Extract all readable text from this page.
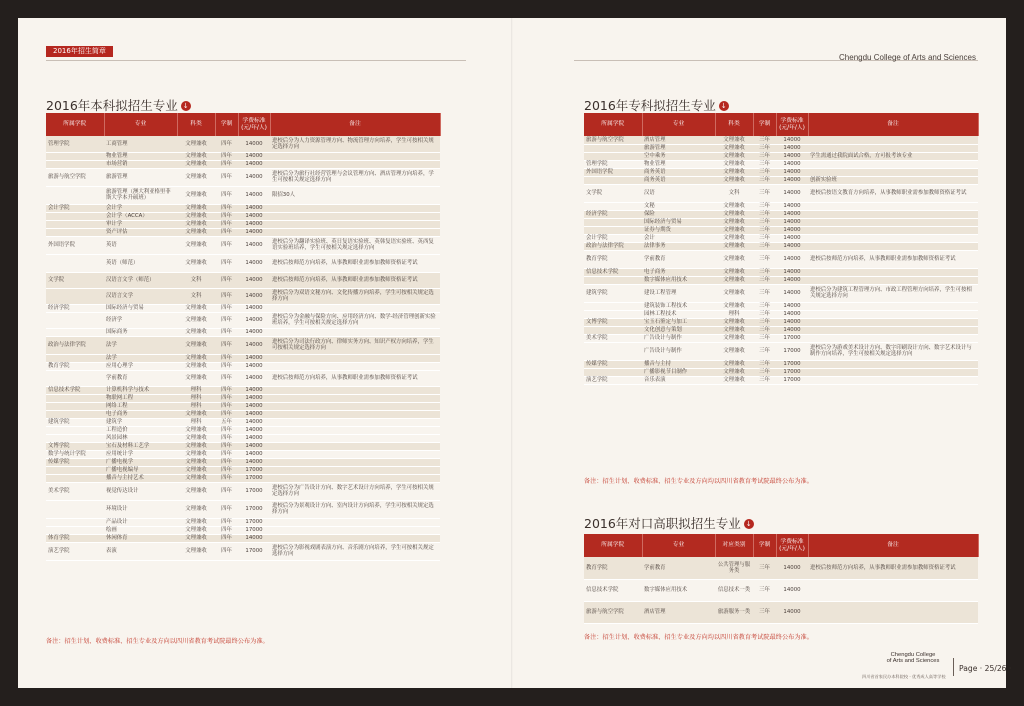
2016年招生简章
Chengdu College of Arts and Sciences
2016年本科拟招生专业 ↓
所属学院	专业	科类	学制	学费标准
(元/年/人)	备注
管理学院	工商管理	文理兼收	四年	14000	进校后分为人力资源管理方向、物流管理方向培养，学生可按相关规定选择方向
	物业管理	文理兼收	四年	14000	
	市场营销	文理兼收	四年	14000	
旅游与航空学院	旅游管理	文理兼收	四年	14000	进校后分为旅行社经营管理与会议管理方向、酒店管理方向培养，学生可按相关规定选择方向
	旅游管理（澳大利亚格里菲斯大学本升硕班）	文理兼收	四年	14000	限招30人
会计学院	会计学	文理兼收	四年	14000	
	会计学（ACCA）	文理兼收	四年	14000	
	审计学	文理兼收	四年	14000	
	资产评估	文理兼收	四年	14000	
外国语学院	英语	文理兼收	四年	14000	进校后分为翻译实验班、英日复语实验班、英韩复语实验班、英西复语实验班培养，学生可按相关规定选择方向
	英语（师范）	文理兼收	四年	14000	进校后按师范方向培养，从事教师职业需参加教师资格证考试
文学院	汉语言文学（师范）	文科	四年	14000	进校后按师范方向培养，从事教师职业需参加教师资格证考试
	汉语言文学	文科	四年	14000	进校后分为双语文秘方向、文化传播方向培养，学生可按相关规定选择方向
经济学院	国际经济与贸易	文理兼收	四年	14000	
	经济学	文理兼收	四年	14000	进校后分为金融与保险方向、应用经济方向、数学-经济管理创新实验班培养，学生可按相关规定选择方向
	国际商务	文理兼收	四年	14000	
政治与法律学院	法学	文理兼收	四年	14000	进校后分为司法行政方向、律师实务方向、知识产权方向培养，学生可按相关规定选择方向
	法学	文理兼收	四年	14000	
教育学院	应用心理学	文理兼收	四年	14000	
	学前教育	文理兼收	四年	14000	进校后按师范方向培养，从事教师职业需参加教师资格证考试
信息技术学院	计算机科学与技术	理科	四年	14000	
	物联网工程	理科	四年	14000	
	网络工程	理科	四年	14000	
	电子商务	文理兼收	四年	14000	
建筑学院	建筑学	理科	五年	14000	
	工程造价	文理兼收	四年	14000	
	风景园林	文理兼收	四年	14000	
文博学院	宝石及材料工艺学	文理兼收	四年	14000	
数学与统计学院	应用统计学	文理兼收	四年	14000	
传媒学院	广播电视学	文理兼收	四年	14000	
	广播电视编导	文理兼收	四年	17000	
	播音与主持艺术	文理兼收	四年	17000	
美术学院	视觉传达设计	文理兼收	四年	17000	进校后分为广告设计方向、数字艺术设计方向培养，学生可按相关规定选择方向
	环境设计	文理兼收	四年	17000	进校后分为景观设计方向、室内设计方向培养，学生可按相关规定选择方向
	产品设计	文理兼收	四年	17000	
	绘画	文理兼收	四年	17000	
体育学院	休闲体育	文理兼收	四年	14000	
演艺学院	表演	文理兼收	四年	17000	进校后分为影视戏剧表演方向、音乐剧方向培养，学生可按相关规定选择方向
备注：招生计划、收费标准、招生专业及方向以四川省教育考试院最终公布为准。
2016年专科拟招生专业 ↓
所属学院	专业	科类	学制	学费标准
(元/年/人)	备注
旅游与航空学院	酒店管理	文理兼收	三年	14000	
	旅游管理	文理兼收	三年	14000	
	空中乘务	文理兼收	三年	14000	学生需通过我院面试合格，方可报考该专业
管理学院	物业管理	文理兼收	三年	14000	
外国语学院	商务英语	文理兼收	三年	14000	
	商务英语	文理兼收	三年	14000	创新实验班
文学院	汉语	文科	三年	14000	进校后按语文教育方向培养，从事教师职业需参加教师资格证考试
	文秘	文理兼收	三年	14000	
经济学院	保险	文理兼收	三年	14000	
	国际经济与贸易	文理兼收	三年	14000	
	证券与期货	文理兼收	三年	14000	
会计学院	会计	文理兼收	三年	14000	
政治与法律学院	法律事务	文理兼收	三年	14000	
教育学院	学前教育	文理兼收	三年	14000	进校后按师范方向培养，从事教师职业需参加教师资格证考试
信息技术学院	电子商务	文理兼收	三年	14000	
	数字媒体应用技术	文理兼收	三年	14000	
建筑学院	建设工程管理	文理兼收	三年	14000	进校后分为建筑工程管理方向、市政工程管理方向培养，学生可按相关规定选择方向
	建筑装饰工程技术	文理兼收	三年	14000	
	园林工程技术	理科	三年	14000	
文博学院	宝玉石鉴定与加工	文理兼收	三年	14000	
	文化创意与策划	文理兼收	三年	14000	
美术学院	广告设计与制作	文理兼收	三年	17000	
	广告设计与制作	文理兼收	三年	17000	进校后分为游戏美术设计方向、数字印刷设计方向、数字艺术设计与制作方向培养，学生可按相关规定选择方向
传媒学院	播音与主持	文理兼收	三年	17000	
	广播影视节目制作	文理兼收	三年	17000	
演艺学院	音乐表演	文理兼收	三年	17000	
备注：招生计划、收费标准、招生专业及方向均以四川省教育考试院最终公布为准。
2016年对口高职拟招生专业 ↓
所属学院	专业	对应类别	学制	学费标准
(元/年/人)	备注
教育学院	学前教育	公共管理与服务类	三年	14000	进校后按师范方向培养，从事教师职业需参加教师资格证考试
信息技术学院	数字媒体应用技术	信息技术一类	三年	14000	
旅游与航空学院	酒店管理	旅游服务一类	三年	14000	
备注：招生计划、收费标准、招生专业及方向均以四川省教育考试院最终公布为准。
Chengdu College
of Arts and Sciences
四川省首家民办本科院校 · 优秀成人高等学校
Page · 25/26 ·
